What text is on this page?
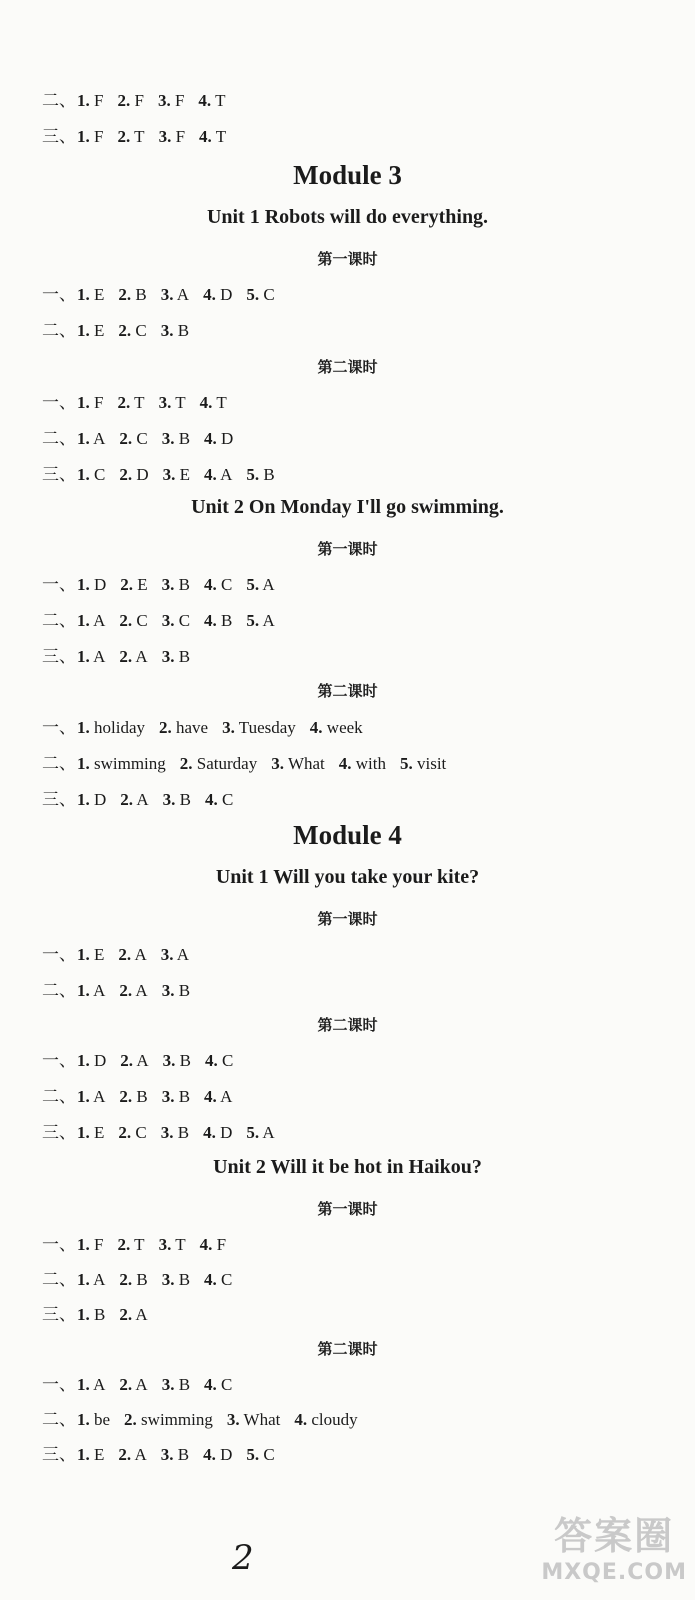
二、1. F 2. F 3. F 4. T
三、1. F 2. T 3. F 4. T
Module 3
Unit 1 Robots will do everything.
第一课时
一、1. E 2. B 3. A 4. D 5. C
二、1. E 2. C 3. B
第二课时
一、1. F 2. T 3. T 4. T
二、1. A 2. C 3. B 4. D
三、1. C 2. D 3. E 4. A 5. B
Unit 2 On Monday I'll go swimming.
第一课时
一、1. D 2. E 3. B 4. C 5. A
二、1. A 2. C 3. C 4. B 5. A
三、1. A 2. A 3. B
第二课时
一、1. holiday 2. have 3. Tuesday 4. week
二、1. swimming 2. Saturday 3. What 4. with 5. visit
三、1. D 2. A 3. B 4. C
Module 4
Unit 1 Will you take your kite?
第一课时
一、1. E 2. A 3. A
二、1. A 2. A 3. B
第二课时
一、1. D 2. A 3. B 4. C
二、1. A 2. B 3. B 4. A
三、1. E 2. C 3. B 4. D 5. A
Unit 2 Will it be hot in Haikou?
第一课时
一、1. F 2. T 3. T 4. F
二、1. A 2. B 3. B 4. C
三、1. B 2. A
第二课时
一、1. A 2. A 3. B 4. C
二、1. be 2. swimming 3. What 4. cloudy
三、1. E 2. A 3. B 4. D 5. C
2	答案圈
MXQE.COM
